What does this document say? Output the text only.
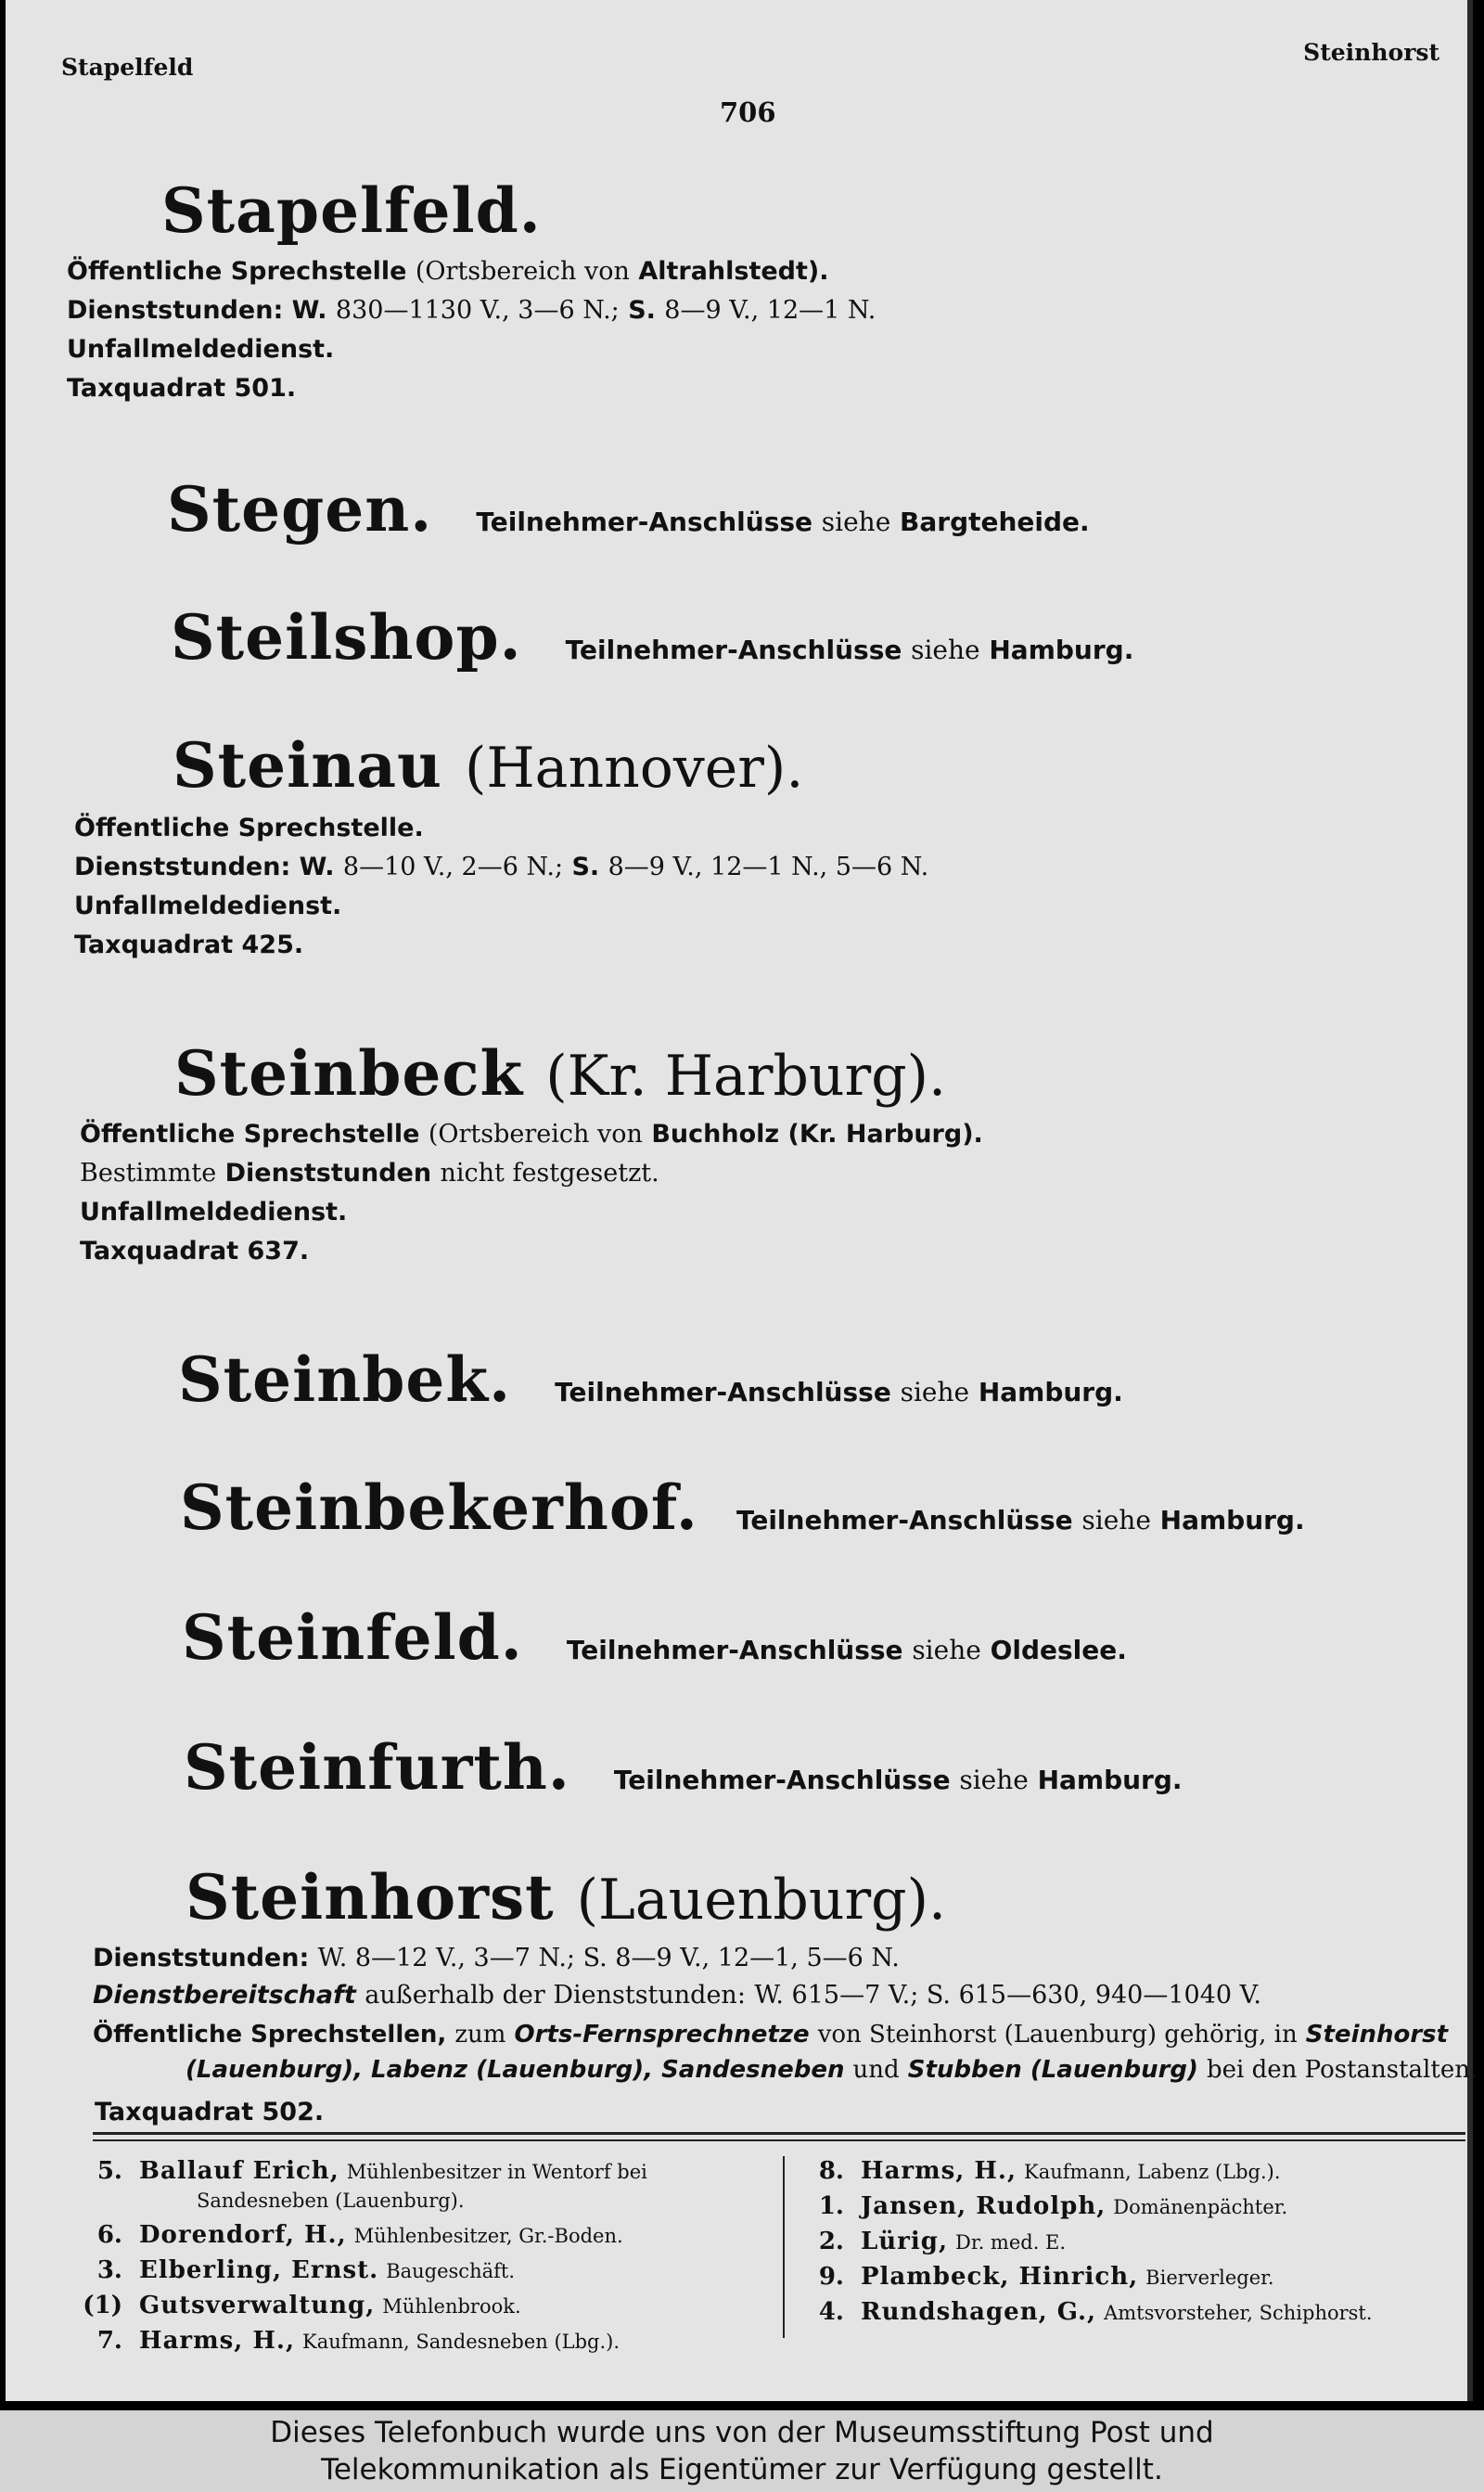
Stapelfeld
Steinhorst
706
Stapelfeld.
Öffentliche Sprechstelle (Ortsbereich von Altrahlstedt).
Dienststunden: W. 830—1130 V., 3—6 N.; S. 8—9 V., 12—1 N.
Unfallmeldedienst.
Taxquadrat 501.
Stegen. Teilnehmer-Anschlüsse siehe Bargteheide.
Steilshop. Teilnehmer-Anschlüsse siehe Hamburg.
Steinau (Hannover).
Öffentliche Sprechstelle.
Dienststunden: W. 8—10 V., 2—6 N.; S. 8—9 V., 12—1 N., 5—6 N.
Unfallmeldedienst.
Taxquadrat 425.
Steinbeck (Kr. Harburg).
Öffentliche Sprechstelle (Ortsbereich von Buchholz (Kr. Harburg).
Bestimmte Dienststunden nicht festgesetzt.
Unfallmeldedienst.
Taxquadrat 637.
Steinbek. Teilnehmer-Anschlüsse siehe Hamburg.
Steinbekerhof. Teilnehmer-Anschlüsse siehe Hamburg.
Steinfeld. Teilnehmer-Anschlüsse siehe Oldeslee.
Steinfurth. Teilnehmer-Anschlüsse siehe Hamburg.
Steinhorst (Lauenburg).
Dienststunden: W. 8—12 V., 3—7 N.; S. 8—9 V., 12—1, 5—6 N.
Dienstbereitschaft außerhalb der Dienststunden: W. 615—7 V.; S. 615—630, 940—1040 V.
Öffentliche Sprechstellen, zum Orts-Fernsprechnetze von Steinhorst (Lauenburg) gehörig, in Steinhorst
(Lauenburg), Labenz (Lauenburg), Sandesneben und Stubben (Lauenburg) bei den Postanstalten.
Taxquadrat 502.
5. Ballauf Erich, Mühlenbesitzer in Wentorf bei
Sandesneben (Lauenburg).
6. Dorendorf, H., Mühlenbesitzer, Gr.-Boden.
3. Elberling, Ernst. Baugeschäft.
(1) Gutsverwaltung, Mühlenbrook.
7. Harms, H., Kaufmann, Sandesneben (Lbg.).
8. Harms, H., Kaufmann, Labenz (Lbg.).
1. Jansen, Rudolph, Domänenpächter.
2. Lürig, Dr. med. E.
9. Plambeck, Hinrich, Bierverleger.
4. Rundshagen, G., Amtsvorsteher, Schiphorst.
Dieses Telefonbuch wurde uns von der Museumsstiftung Post und
Telekommunikation als Eigentümer zur Verfügung gestellt.
